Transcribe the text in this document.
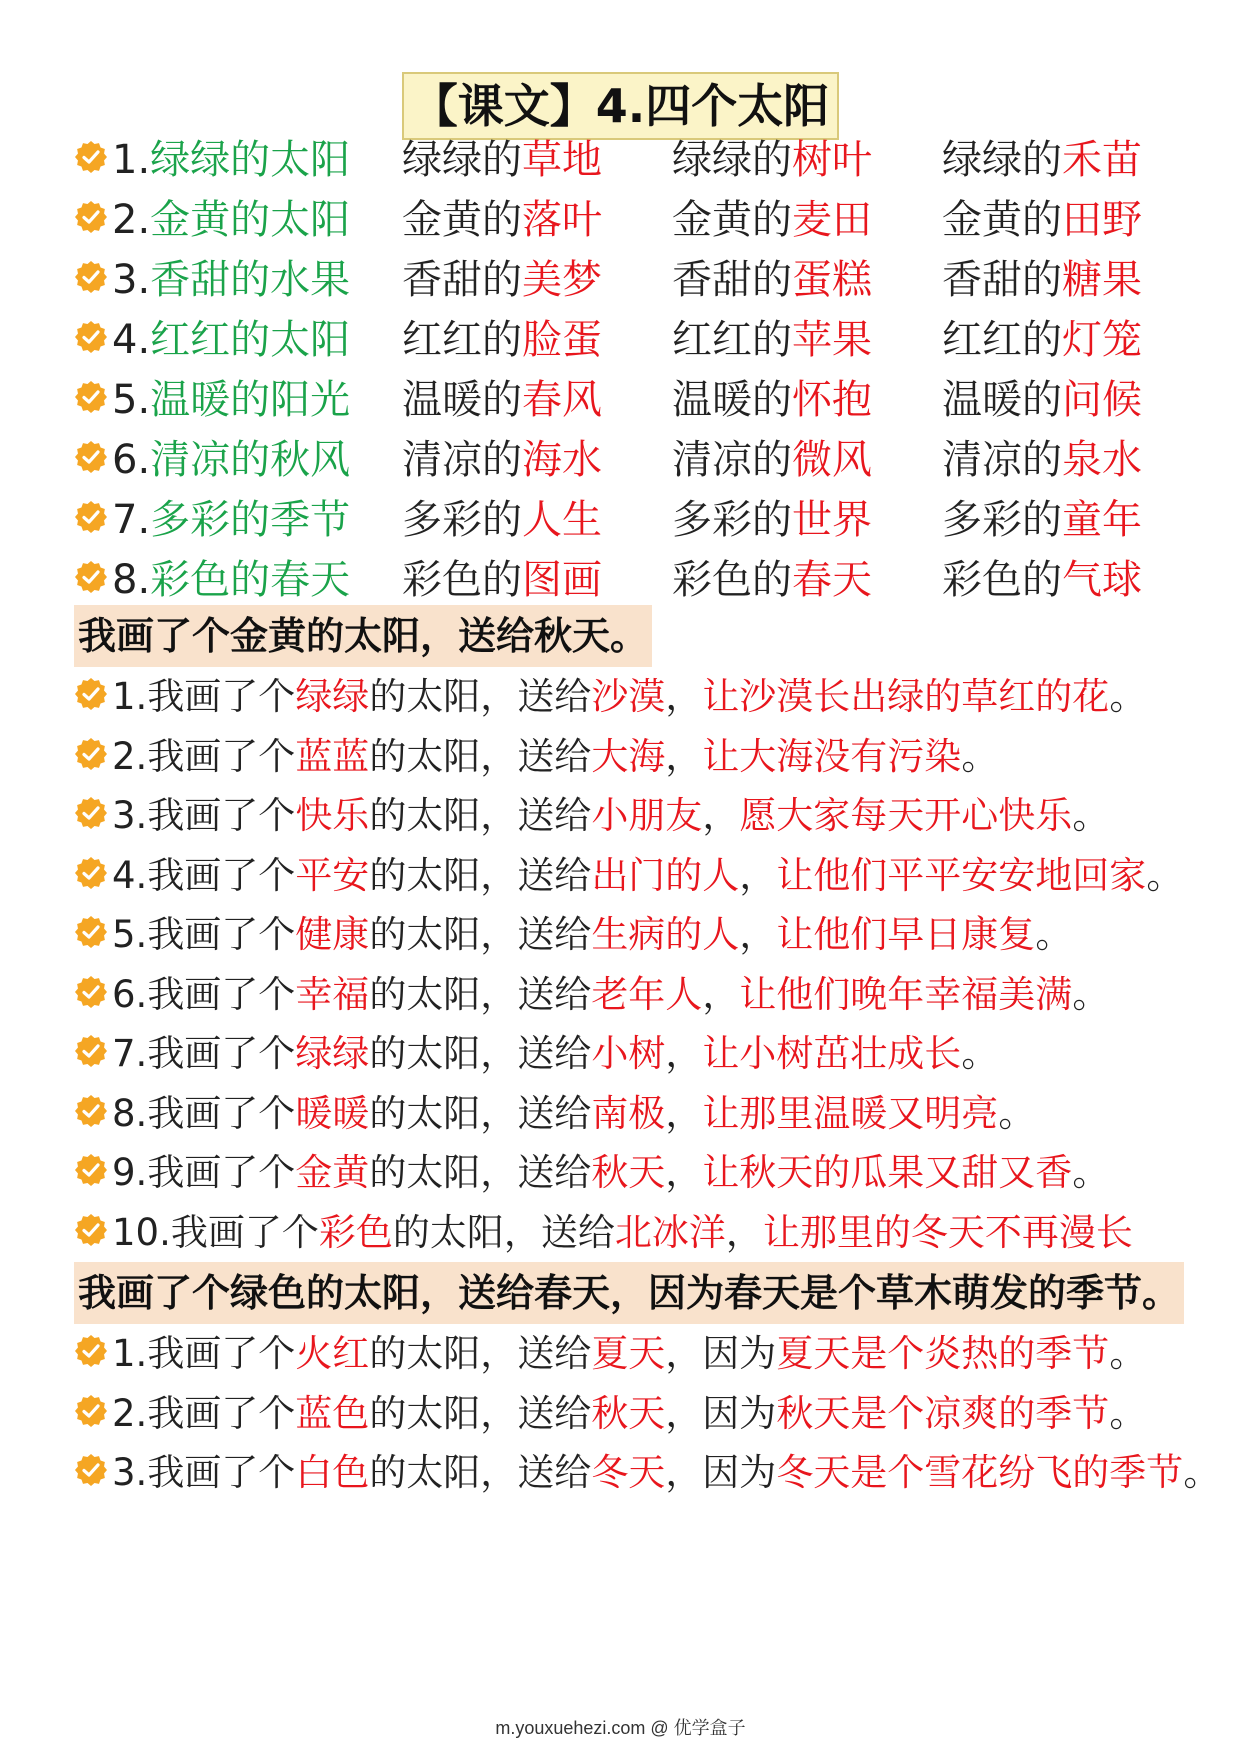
【课文】4.四个太阳
1.绿绿的太阳 绿绿的草地 绿绿的树叶 绿绿的禾苗
2.金黄的太阳 金黄的落叶 金黄的麦田 金黄的田野
3.香甜的水果 香甜的美梦 香甜的蛋糕 香甜的糖果
4.红红的太阳 红红的脸蛋 红红的苹果 红红的灯笼
5.温暖的阳光 温暖的春风 温暖的怀抱 温暖的问候
6.清凉的秋风 清凉的海水 清凉的微风 清凉的泉水
7.多彩的季节 多彩的人生 多彩的世界 多彩的童年
8.彩色的春天 彩色的图画 彩色的春天 彩色的气球
我画了个金黄的太阳，送给秋天。
1.我画了个绿绿的太阳，送给沙漠，让沙漠长出绿的草红的花。
2.我画了个蓝蓝的太阳，送给大海，让大海没有污染。
3.我画了个快乐的太阳，送给小朋友，愿大家每天开心快乐。
4.我画了个平安的太阳，送给出门的人，让他们平平安安地回家。
5.我画了个健康的太阳，送给生病的人，让他们早日康复。
6.我画了个幸福的太阳，送给老年人，让他们晚年幸福美满。
7.我画了个绿绿的太阳，送给小树，让小树茁壮成长。
8.我画了个暖暖的太阳，送给南极，让那里温暖又明亮。
9.我画了个金黄的太阳，送给秋天，让秋天的瓜果又甜又香。
10.我画了个彩色的太阳，送给北冰洋，让那里的冬天不再漫长
我画了个绿色的太阳，送给春天，因为春天是个草木萌发的季节。
1.我画了个火红的太阳，送给夏天，因为夏天是个炎热的季节。
2.我画了个蓝色的太阳，送给秋天，因为秋天是个凉爽的季节。
3.我画了个白色的太阳，送给冬天，因为冬天是个雪花纷飞的季节。
m.youxuehezi.com @ 优学盒子
